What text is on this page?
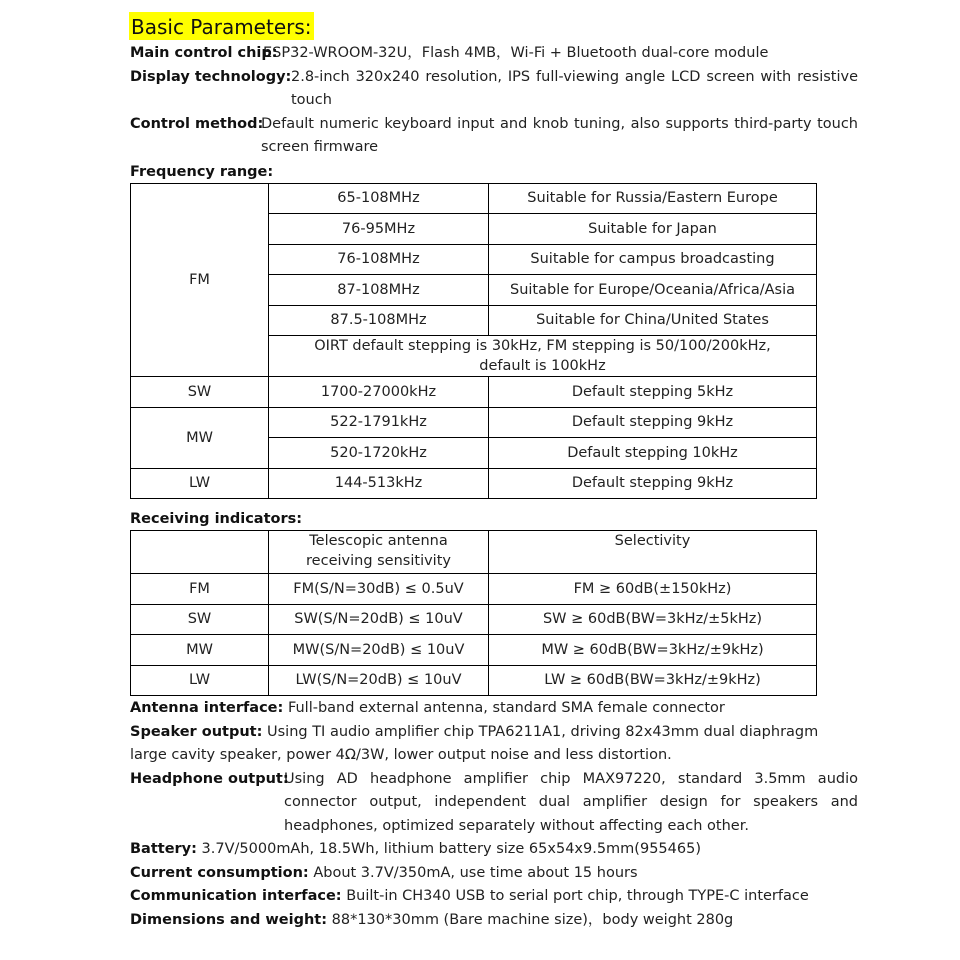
Basic Parameters:
Main control chip:
ESP32-WROOM-32U，Flash 4MB，Wi-Fi + Bluetooth dual-core module
Display technology: 2.8-inch 320x240 resolution, IPS full-viewing angle LCD screen with resistive touch
Control method:
Default numeric keyboard input and knob tuning, also supports third-party touch screen firmware
Frequency range:
FM	65-108MHz	Suitable for Russia/Eastern Europe
	76-95MHz	Suitable for Japan
	76-108MHz	Suitable for campus broadcasting
	87-108MHz	Suitable for Europe/Oceania/Africa/Asia
	87.5-108MHz	Suitable for China/United States
	OIRT default stepping is 30kHz, FM stepping is 50/100/200kHz,
default is 100kHz	
SW	1700-27000kHz	Default stepping 5kHz
MW	522-1791kHz	Default stepping 9kHz
	520-1720kHz	Default stepping 10kHz
LW	144-513kHz	Default stepping 9kHz
Receiving indicators:
	Telescopic antenna
receiving sensitivity	Selectivity
FM	FM(S/N=30dB) ≤ 0.5uV	FM ≥ 60dB(±150kHz)
SW	SW(S/N=20dB) ≤ 10uV	SW ≥ 60dB(BW=3kHz/±5kHz)
MW	MW(S/N=20dB) ≤ 10uV	MW ≥ 60dB(BW=3kHz/±9kHz)
LW	LW(S/N=20dB) ≤ 10uV	LW ≥ 60dB(BW=3kHz/±9kHz)
Antenna interface: Full-band external antenna, standard SMA female connector
Speaker output: Using TI audio amplifier chip TPA6211A1, driving 82x43mm dual diaphragm large cavity speaker, power 4Ω/3W, lower output noise and less distortion.
Headphone output:
Using AD headphone amplifier chip MAX97220, standard 3.5mm audio connector output, independent dual amplifier design for speakers and headphones, optimized separately without affecting each other.
Battery: 3.7V/5000mAh, 18.5Wh, lithium battery size 65x54x9.5mm(955465)
Current consumption: About 3.7V/350mA, use time about 15 hours
Communication interface: Built-in CH340 USB to serial port chip, through TYPE-C interface
Dimensions and weight: 88*130*30mm (Bare machine size)，body weight 280g
